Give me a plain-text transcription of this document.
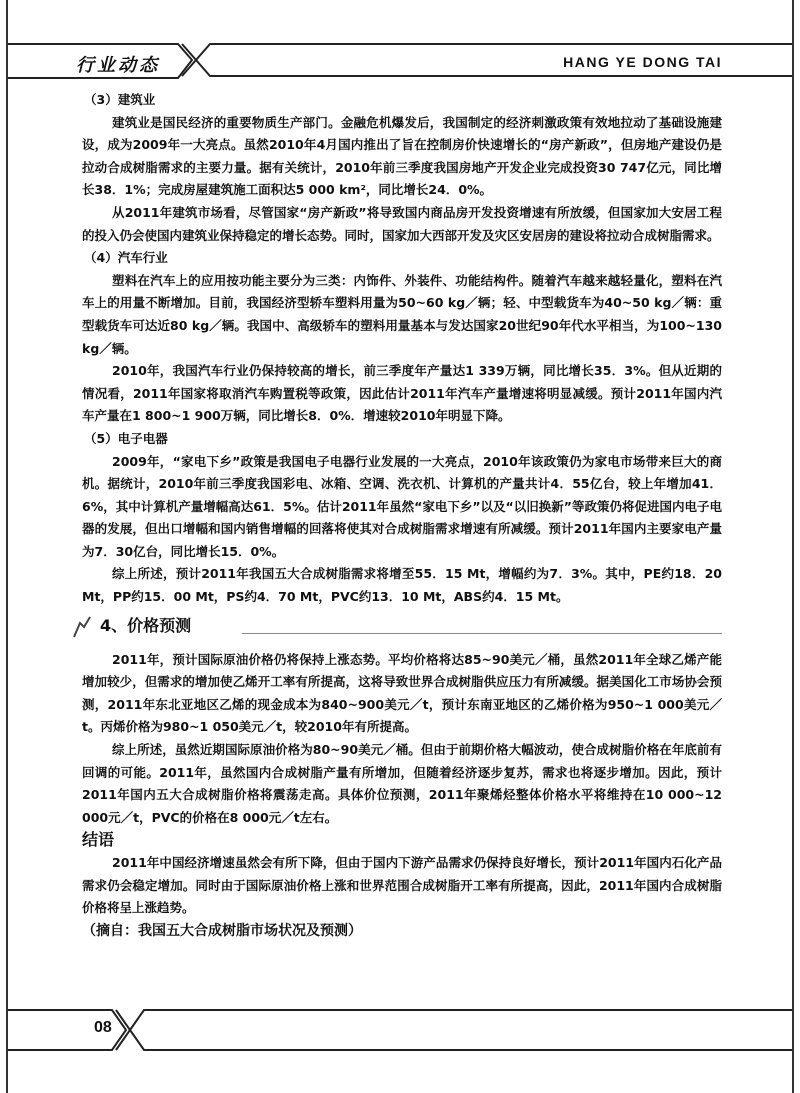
行业动态	HANG YE DONG TAI

（3）建筑业

建筑业是国民经济的重要物质生产部门。金融危机爆发后，我国制定的经济刺激政策有效地拉动了基础设施建设，成为2009年一大亮点。虽然2010年4月国内推出了旨在控制房价快速增长的“房产新政”，但房地产建设仍是拉动合成树脂需求的主要力量。据有关统计，2010年前三季度我国房地产开发企业完成投资30 747亿元，同比增长38．1%；完成房屋建筑施工面积达5 000 km²，同比增长24．0%。

从2011年建筑市场看，尽管国家“房产新政”将导致国内商品房开发投资增速有所放缓，但国家加大安居工程的投入仍会使国内建筑业保持稳定的增长态势。同时，国家加大西部开发及灾区安居房的建设将拉动合成树脂需求。

（4）汽车行业

塑料在汽车上的应用按功能主要分为三类：内饰件、外装件、功能结构件。随着汽车越来越轻量化，塑料在汽车上的用量不断增加。目前，我国经济型轿车塑料用量为50~60 kg／辆；轻、中型载货车为40~50 kg／辆：重型载货车可达近80 kg／辆。我国中、高级轿车的塑料用量基本与发达国家20世纪90年代水平相当，为100~130 kg／辆。

2010年，我国汽车行业仍保持较高的增长，前三季度年产量达1 339万辆，同比增长35．3%。但从近期的情况看，2011年国家将取消汽车购置税等政策，因此估计2011年汽车产量增速将明显减缓。预计2011年国内汽车产量在1 800~1 900万辆，同比增长8．0%．增速较2010年明显下降。

（5）电子电器

2009年，“家电下乡”政策是我国电子电器行业发展的一大亮点，2010年该政策仍为家电市场带来巨大的商机。据统计，2010年前三季度我国彩电、冰箱、空调、洗衣机、计算机的产量共计4．55亿台，较上年增加41．6%，其中计算机产量增幅高达61．5%。估计2011年虽然“家电下乡”以及“以旧换新”等政策仍将促进国内电子电器的发展，但出口增幅和国内销售增幅的回落将使其对合成树脂需求增速有所减缓。预计2011年国内主要家电产量为7．30亿台，同比增长15．0%。

综上所述，预计2011年我国五大合成树脂需求将增至55．15 Mt，增幅约为7．3%。其中，PE约18．20 Mt，PP约15．00 Mt，PS约4．70 Mt，PVC约13．10 Mt，ABS约4．15 Mt。

4、价格预测

2011年，预计国际原油价格仍将保持上涨态势。平均价格将达85~90美元／桶，虽然2011年全球乙烯产能增加较少，但需求的增加使乙烯开工率有所提高，这将导致世界合成树脂供应压力有所减缓。据美国化工市场协会预测，2011年东北亚地区乙烯的现金成本为840~900美元／t，预计东南亚地区的乙烯价格为950~1 000美元／t。丙烯价格为980~1 050美元／t，较2010年有所提高。

综上所述，虽然近期国际原油价格为80~90美元／桶。但由于前期价格大幅波动，使合成树脂价格在年底前有回调的可能。2011年，虽然国内合成树脂产量有所增加，但随着经济逐步复苏，需求也将逐步增加。因此，预计2011年国内五大合成树脂价格将震荡走高。具体价位预测，2011年聚烯烃整体价格水平将维持在10 000~12 000元／t，PVC的价格在8 000元／t左右。

结语

2011年中国经济增速虽然会有所下降，但由于国内下游产品需求仍保持良好增长，预计2011年国内石化产品需求仍会稳定增加。同时由于国际原油价格上涨和世界范围合成树脂开工率有所提高，因此，2011年国内合成树脂价格将呈上涨趋势。

（摘自：我国五大合成树脂市场状况及预测）

08
